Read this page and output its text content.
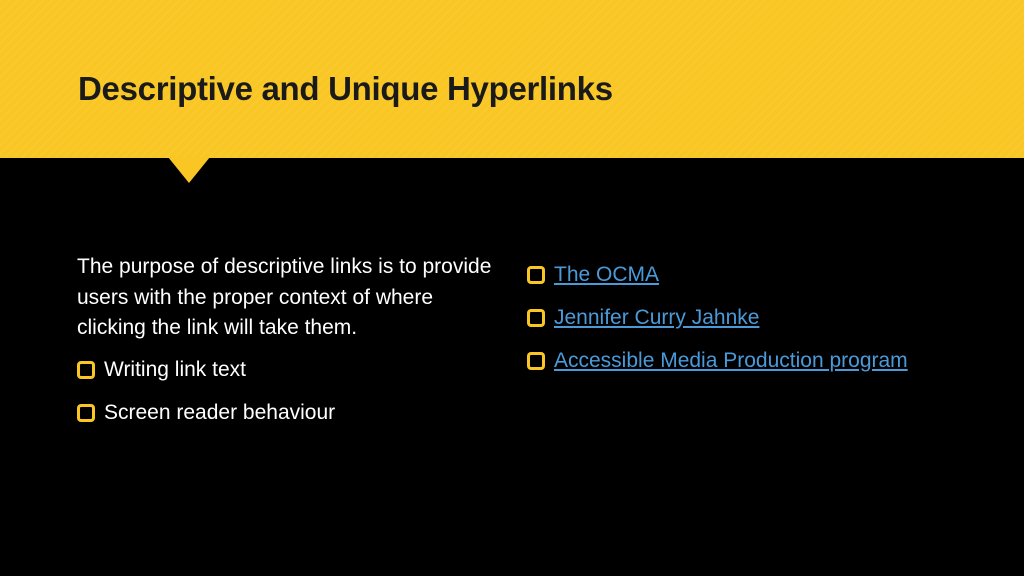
Descriptive and Unique Hyperlinks

The purpose of descriptive links is to provide users with the proper context of where clicking the link will take them.

Writing link text
Screen reader behaviour
The OCMA
Jennifer Curry Jahnke
Accessible Media Production program
